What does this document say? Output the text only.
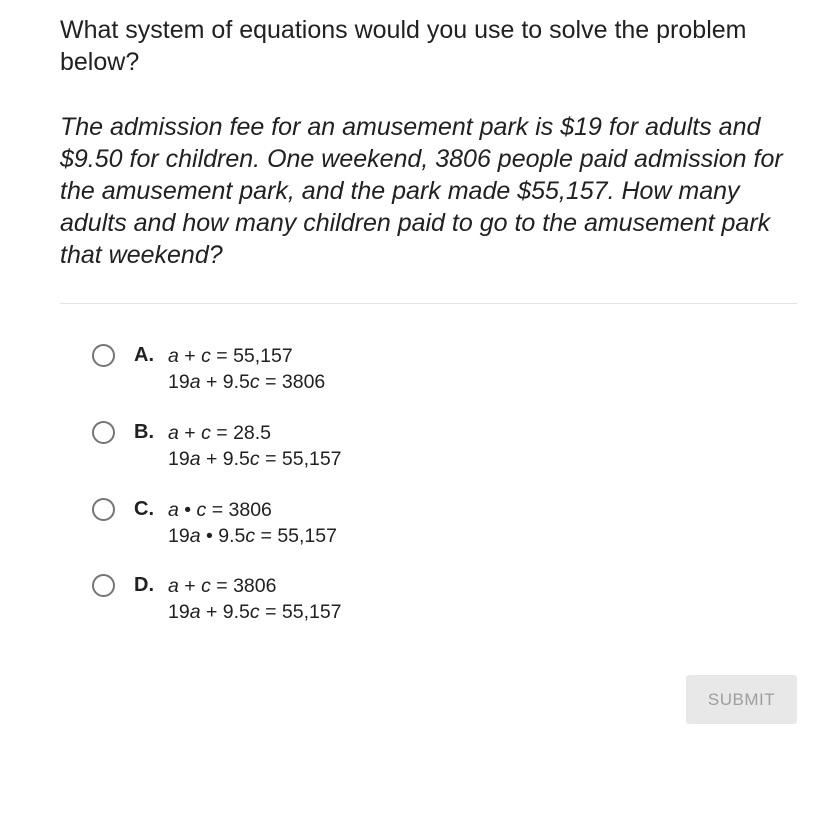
What system of equations would you use to solve the problem below?
The admission fee for an amusement park is $19 for adults and $9.50 for children. One weekend, 3806 people paid admission for the amusement park, and the park made $55,157. How many adults and how many children paid to go to the amusement park that weekend?
A. a + c = 55,157
19a + 9.5c = 3806
B. a + c = 28.5
19a + 9.5c = 55,157
C. a • c = 3806
19a • 9.5c = 55,157
D. a + c = 3806
19a + 9.5c = 55,157
SUBMIT
